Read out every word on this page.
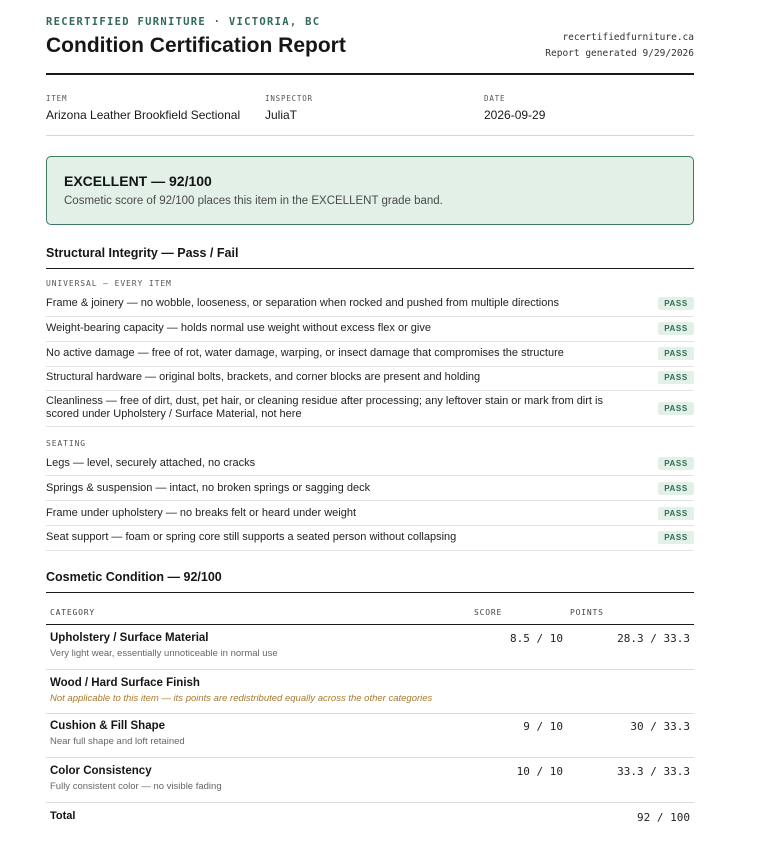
RECERTIFIED FURNITURE · VICTORIA, BC
Condition Certification Report	recertifiedfurniture.ca
Report generated 9/29/2026
ITEM
Arizona Leather Brookfield Sectional
INSPECTOR
JuliaT
DATE
2026-09-29
EXCELLENT — 92/100
Cosmetic score of 92/100 places this item in the EXCELLENT grade band.
Structural Integrity — Pass / Fail
UNIVERSAL — EVERY ITEM
Frame & joinery — no wobble, looseness, or separation when rocked and pushed from multiple directions	PASS
Weight-bearing capacity — holds normal use weight without excess flex or give	PASS
No active damage — free of rot, water damage, warping, or insect damage that compromises the structure	PASS
Structural hardware — original bolts, brackets, and corner blocks are present and holding	PASS
Cleanliness — free of dirt, dust, pet hair, or cleaning residue after processing; any leftover stain or mark from dirt is scored under Upholstery / Surface Material, not here	PASS
SEATING
Legs — level, securely attached, no cracks	PASS
Springs & suspension — intact, no broken springs or sagging deck	PASS
Frame under upholstery — no breaks felt or heard under weight	PASS
Seat support — foam or spring core still supports a seated person without collapsing	PASS
Cosmetic Condition — 92/100
CATEGORY	SCORE	POINTS
Upholstery / Surface Material
Very light wear, essentially unnoticeable in normal use
8.5 / 10	28.3 / 33.3
Wood / Hard Surface Finish
Not applicable to this item — its points are redistributed equally across the other categories
Cushion & Fill Shape
Near full shape and loft retained
9 / 10	30 / 33.3
Color Consistency
Fully consistent color — no visible fading
10 / 10	33.3 / 33.3
Total	92 / 100
